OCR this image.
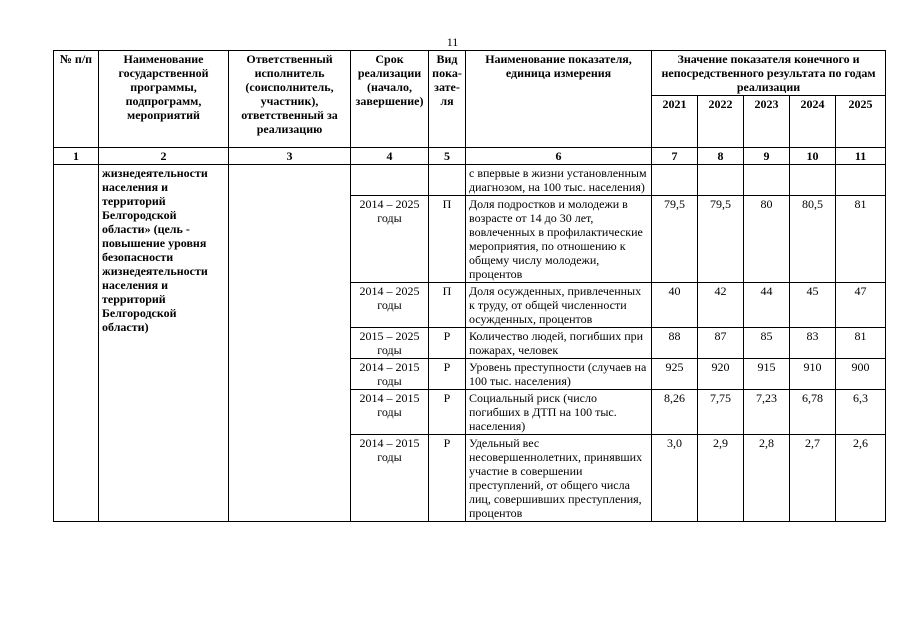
11
№ п/п	Наименование государственной программы, подпрограмм, мероприятий	Ответственный исполнитель (соисполнитель, участник), ответственный за реализацию	Срок реализации (начало, завершение)	Вид пока-зате-ля	Наименование показателя, единица измерения	Значение показателя конечного и непосредственного результата по годам реализации				
						2021	2022	2023	2024	2025
1	2	3	4	5	6	7	8	9	10	11
	жизнедеятельности населения и территорий Белгородской области» (цель - повышение уровня безопасности жизнедеятельности населения и территорий Белгородской области)				с впервые в жизни установленным диагнозом, на 100 тыс. населения)					
			2014 – 2025 годы	П	Доля подростков и молодежи в возрасте от 14 до 30 лет, вовлеченных в профилактические мероприятия, по отношению к общему числу молодежи, процентов	79,5	79,5	80	80,5	81
			2014 – 2025 годы	П	Доля осужденных, привлеченных к труду, от общей численности осужденных, процентов	40	42	44	45	47
			2015 – 2025 годы	Р	Количество людей, погибших при пожарах, человек	88	87	85	83	81
			2014 – 2015 годы	Р	Уровень преступности (случаев на 100 тыс. населения)	925	920	915	910	900
			2014 – 2015 годы	Р	Социальный риск (число погибших в ДТП на 100 тыс. населения)	8,26	7,75	7,23	6,78	6,3
			2014 – 2015 годы	Р	Удельный вес несовершеннолетних, принявших участие в совершении преступлений, от общего числа лиц, совершивших преступления, процентов	3,0	2,9	2,8	2,7	2,6
